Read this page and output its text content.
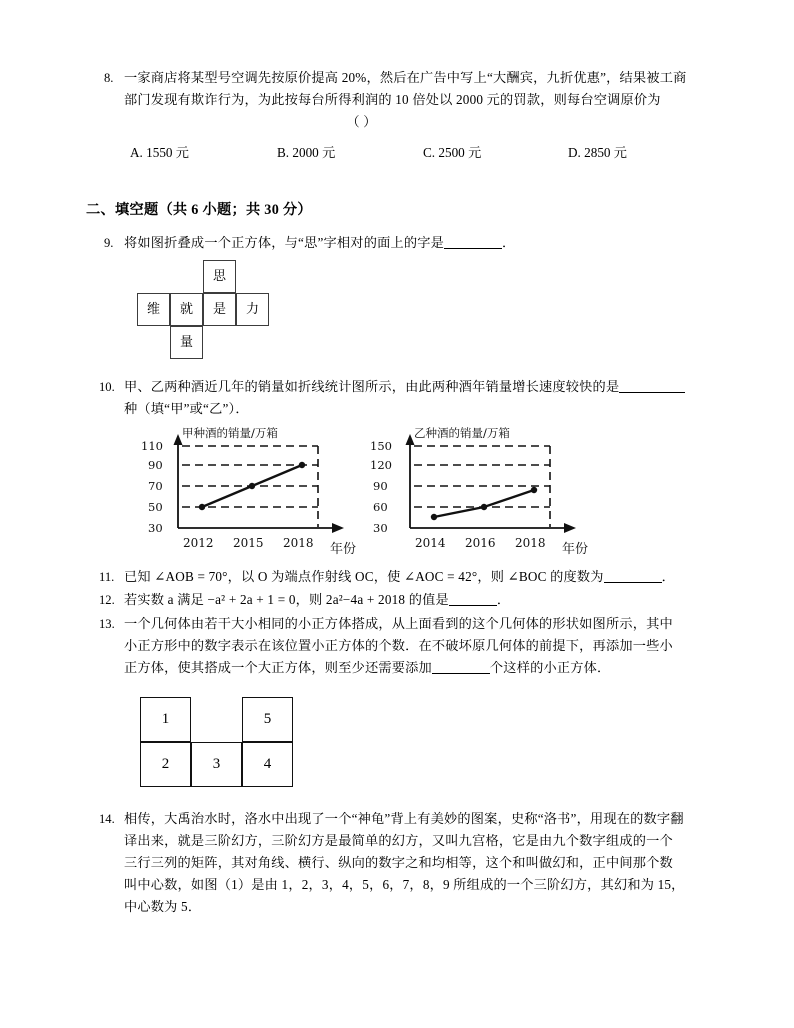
8. 一家商店将某型号空调先按原价提高 20%，然后在广告中写上“大酬宾，九折优惠”，结果被工商
部门发现有欺诈行为，为此按每台所得利润的 10 倍处以 2000 元的罚款，则每台空调原价为
（ ）
A. 1550 元	B. 2000 元	C. 2500 元	D. 2850 元
二、填空题（共 6 小题；共 30 分）
9. 将如图折叠成一个正方体，与“思”字相对的面上的字是	．
思
维	就	是	力
量
10. 甲、乙两种酒近几年的销量如折线统计图所示，由此两种酒年销量增长速度较快的是
种（填“甲”或“乙”）．
甲种酒的销量/万箱
30
50
70
90
110
2012 2015 2018 年份
乙种酒的销量/万箱
30
60
90
120
150
2014 2016 2018 年份
11. 已知 ∠AOB = 70°，以 O 为端点作射线 OC，使 ∠AOC = 42°，则 ∠BOC 的度数为	．
12. 若实数 a 满足 −a² + 2a + 1 = 0，则 2a²−4a + 2018 的值是	．
13. 一个几何体由若干大小相同的小正方体搭成，从上面看到的这个几何体的形状如图所示，其中
小正方形中的数字表示在该位置小正方体的个数．在不破坏原几何体的前提下，再添加一些小
正方体，使其搭成一个大正方体，则至少还需要添加	个这样的小正方体．
1	5
2	3	4
14. 相传，大禹治水时，洛水中出现了一个“神龟”背上有美妙的图案，史称“洛书”，用现在的数字翻
译出来，就是三阶幻方，三阶幻方是最简单的幻方，又叫九宫格，它是由九个数字组成的一个
三行三列的矩阵，其对角线、横行、纵向的数字之和均相等，这个和叫做幻和，正中间那个数
叫中心数，如图（1）是由 1，2，3，4，5，6，7，8，9 所组成的一个三阶幻方，其幻和为 15，
中心数为 5．
